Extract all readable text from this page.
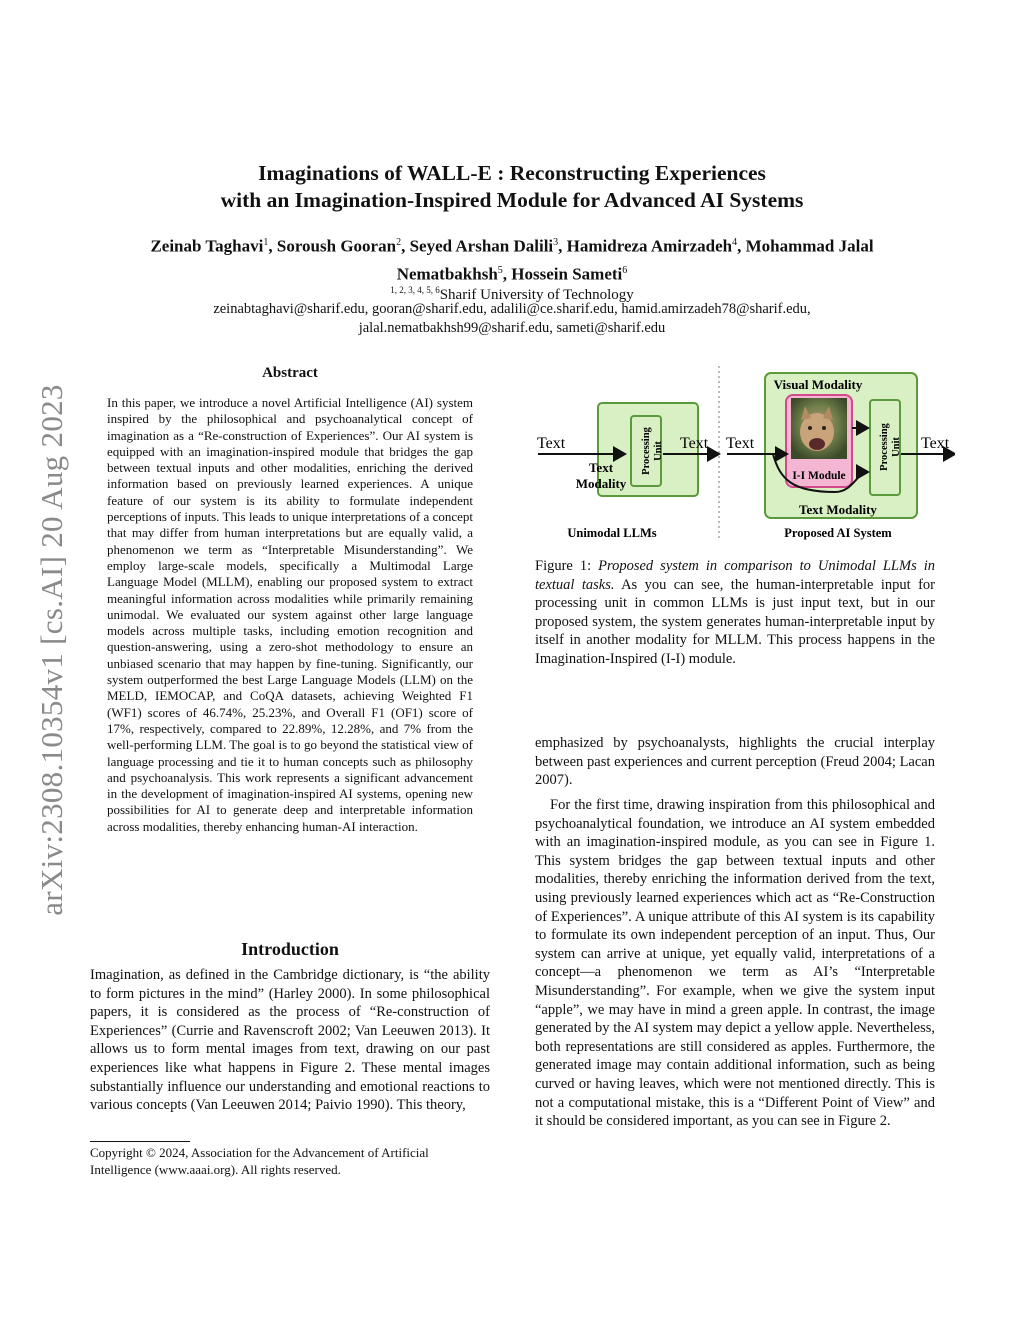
Imaginations of WALL-E : Reconstructing Experiences
with an Imagination-Inspired Module for Advanced AI Systems
Zeinab Taghavi$^1$, Soroush Gooran$^2$, Seyed Arshan Dalili$^3$, Hamidreza Amirzadeh$^4$, Mohammad Jalal Nematbakhsh$^5$, Hossein Sameti$^6$
$^{1, 2, 3, 4, 5, 6}$Sharif University of Technology
zeinabtaghavi@sharif.edu, gooran@sharif.edu, adalili@ce.sharif.edu, hamid.amirzadeh78@sharif.edu,
jalal.nematbakhsh99@sharif.edu, sameti@sharif.edu
arXiv:2308.10354v1 [cs.AI] 20 Aug 2023
Abstract
In this paper, we introduce a novel Artificial Intelligence (AI) system inspired by the philosophical and psychoanalytical concept of imagination as a “Re-construction of Experiences”. Our AI system is equipped with an imagination-inspired module that bridges the gap between textual inputs and other modalities, enriching the derived information based on previously learned experiences. A unique feature of our system is its ability to formulate independent perceptions of inputs. This leads to unique interpretations of a concept that may differ from human interpretations but are equally valid, a phenomenon we term as “Interpretable Misunderstanding”. We employ large-scale models, specifically a Multimodal Large Language Model (MLLM), enabling our proposed system to extract meaningful information across modalities while primarily remaining unimodal. We evaluated our system against other large language models across multiple tasks, including emotion recognition and question-answering, using a zero-shot methodology to ensure an unbiased scenario that may happen by fine-tuning. Significantly, our system outperformed the best Large Language Models (LLM) on the MELD, IEMOCAP, and CoQA datasets, achieving Weighted F1 (WF1) scores of 46.74%, 25.23%, and Overall F1 (OF1) score of 17%, respectively, compared to 22.89%, 12.28%, and 7% from the well-performing LLM. The goal is to go beyond the statistical view of language processing and tie it to human concepts such as philosophy and psychoanalysis. This work represents a significant advancement in the development of imagination-inspired AI systems, opening new possibilities for AI to generate deep and interpretable information across modalities, thereby enhancing human-AI interaction.
Introduction
Imagination, as defined in the Cambridge dictionary, is “the ability to form pictures in the mind” (Harley 2000). In some philosophical papers, it is considered as the process of “Re-construction of Experiences” (Currie and Ravenscroft 2002; Van Leeuwen 2013). It allows us to form mental images from text, drawing on our past experiences like what happens in Figure 2. These mental images substantially influence our understanding and emotional reactions to various concepts (Van Leeuwen 2014; Paivio 1990). This theory,
Copyright © 2024, Association for the Advancement of Artificial Intelligence (www.aaai.org). All rights reserved.
Processing Unit
Text
Modality
Text	Text
Unimodal LLMs
Visual Modality
Processing Unit
I-I Module
Text Modality
Text	Text
Proposed AI System
Figure 1: Proposed system in comparison to Unimodal LLMs in textual tasks. As you can see, the human-interpretable input for processing unit in common LLMs is just input text, but in our proposed system, the system generates human-interpretable input by itself in another modality for MLLM. This process happens in the Imagination-Inspired (I-I) module.
emphasized by psychoanalysts, highlights the crucial interplay between past experiences and current perception (Freud 2004; Lacan 2007).
For the first time, drawing inspiration from this philosophical and psychoanalytical foundation, we introduce an AI system embedded with an imagination-inspired module, as you can see in Figure 1. This system bridges the gap between textual inputs and other modalities, thereby enriching the information derived from the text, using previously learned experiences which act as “Re-Construction of Experiences”. A unique attribute of this AI system is its capability to formulate its own independent perception of an input. Thus, Our system can arrive at unique, yet equally valid, interpretations of a concept—a phenomenon we term as AI’s “Interpretable Misunderstanding”. For example, when we give the system input “apple”, we may have in mind a green apple. In contrast, the image generated by the AI system may depict a yellow apple. Nevertheless, both representations are still considered as apples. Furthermore, the generated image may contain additional information, such as being curved or having leaves, which were not mentioned directly. This is not a computational mistake, this is a “Different Point of View” and it should be considered important, as you can see in Figure 2.
